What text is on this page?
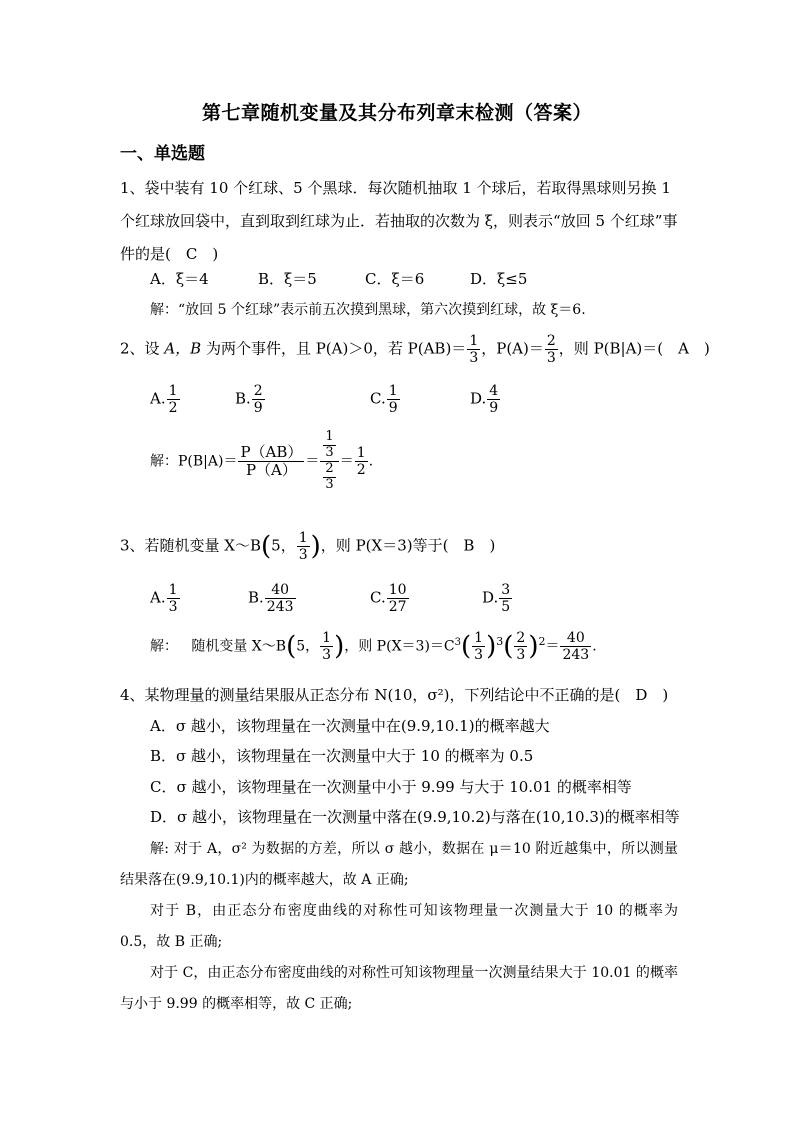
第七章随机变量及其分布列章末检测（答案）
一、单选题
1、袋中装有 10 个红球、5 个黑球．每次随机抽取 1 个球后，若取得黑球则另换 1 个红球放回袋中，直到取到红球为止．若抽取的次数为 ξ，则表示“放回 5 个红球”事件的是(　C　)
A．ξ＝4	B．ξ＝5	C．ξ＝6	D．ξ≤5
解：“放回 5 个红球”表示前五次摸到黑球，第六次摸到红球，故 ξ＝6.
2、设 A，B 为两个事件，且 P(A)＞0，若 $P(AB)= \frac{1}{3}$ ，$P(A)= \frac{2}{3}$ ，则 P(B|A)＝(　A　)
A. $\frac{1}{2}$	B. $\frac{2}{9}$	C. $\frac{1}{9}$	D. $\frac{4}{9}$
解：$P(B|A)= \frac{P(AB)}{P(A)} = \frac{\frac{1}{3}}{\frac{2}{3}} = \frac{1}{2}$ .
3、若随机变量 X～B(5， $\frac{1}{3}$ )，则 P(X＝3)等于(　B　)
A. $\frac{1}{3}$	B. $\frac{40}{243}$	C. $\frac{10}{27}$	D. $\frac{3}{5}$
解： 随机变量 X～B(5， $\frac{1}{3}$ )，则 $P(X=3)=C^3( \frac{1}{3} )^3( \frac{2}{3} )^2= \frac{40}{243}$ .
4、某物理量的测量结果服从正态分布 N(10，σ²)，下列结论中不正确的是(　D　)
A．σ 越小，该物理量在一次测量中在(9.9,10.1)的概率越大
B．σ 越小，该物理量在一次测量中大于 10 的概率为 0.5
C．σ 越小，该物理量在一次测量中小于 9.99 与大于 10.01 的概率相等
D．σ 越小，该物理量在一次测量中落在(9.9,10.2)与落在(10,10.3)的概率相等
解: 对于 A，σ² 为数据的方差，所以 σ 越小，数据在 μ＝10 附近越集中，所以测量结果落在(9.9,10.1)内的概率越大，故 A 正确;
对于 B，由正态分布密度曲线的对称性可知该物理量一次测量大于 10 的概率为 0.5，故 B 正确;
对于 C，由正态分布密度曲线的对称性可知该物理量一次测量结果大于 10.01 的概率与小于 9.99 的概率相等，故 C 正确;
